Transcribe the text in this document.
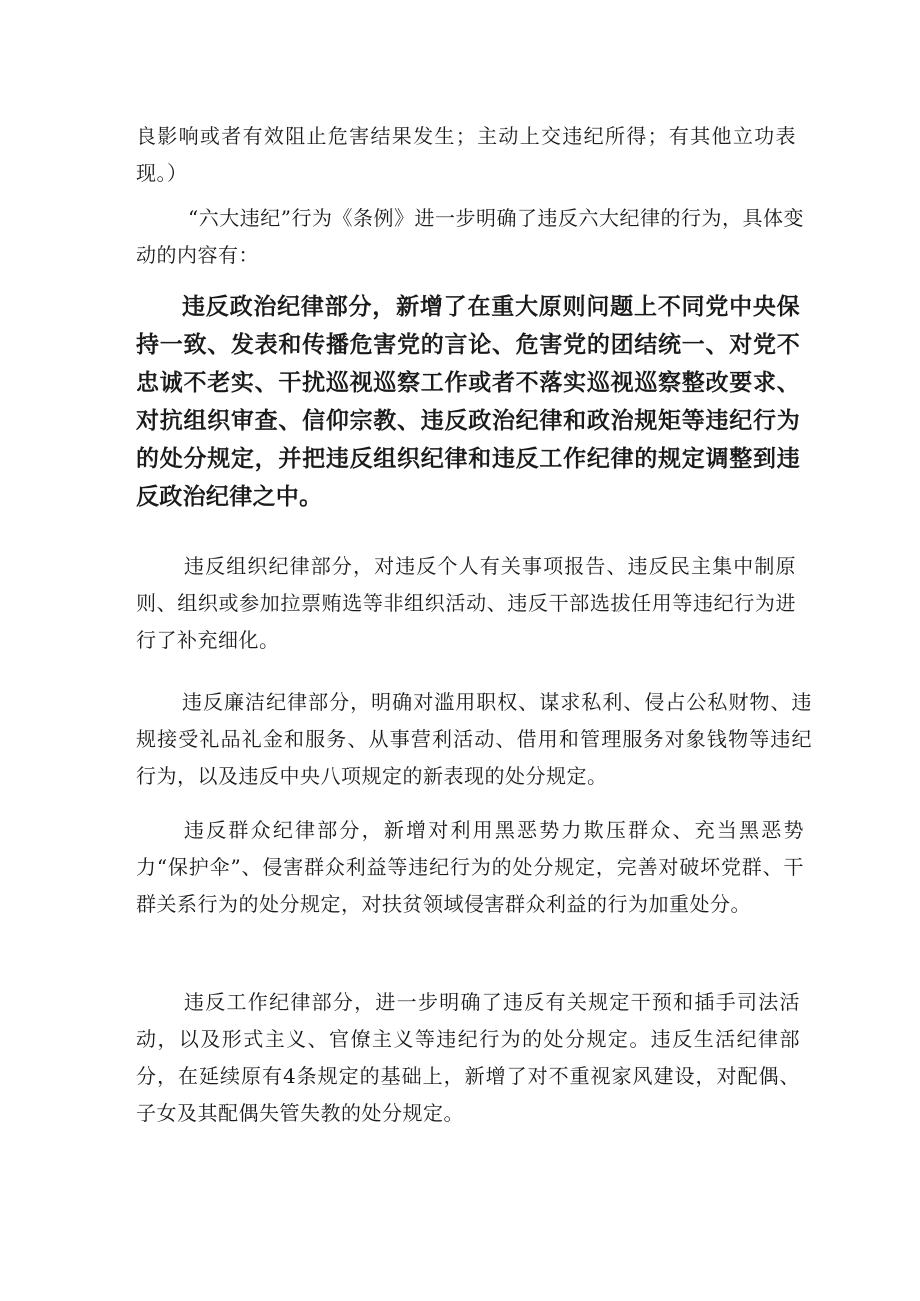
良影响或者有效阻止危害结果发生；主动上交违纪所得；有其他立功表现。）

“六大违纪”行为《条例》进一步明确了违反六大纪律的行为，具体变动的内容有：

违反政治纪律部分，新增了在重大原则问题上不同党中央保持一致、发表和传播危害党的言论、危害党的团结统一、对党不忠诚不老实、干扰巡视巡察工作或者不落实巡视巡察整改要求、对抗组织审查、信仰宗教、违反政治纪律和政治规矩等违纪行为的处分规定，并把违反组织纪律和违反工作纪律的规定调整到违反政治纪律之中。

违反组织纪律部分，对违反个人有关事项报告、违反民主集中制原则、组织或参加拉票贿选等非组织活动、违反干部选拔任用等违纪行为进行了补充细化。

违反廉洁纪律部分，明确对滥用职权、谋求私利、侵占公私财物、违规接受礼品礼金和服务、从事营利活动、借用和管理服务对象钱物等违纪行为，以及违反中央八项规定的新表现的处分规定。

违反群众纪律部分，新增对利用黑恶势力欺压群众、充当黑恶势力“保护伞”、侵害群众利益等违纪行为的处分规定，完善对破坏党群、干群关系行为的处分规定，对扶贫领域侵害群众利益的行为加重处分。

违反工作纪律部分，进一步明确了违反有关规定干预和插手司法活动，以及形式主义、官僚主义等违纪行为的处分规定。违反生活纪律部分，在延续原有4条规定的基础上，新增了对不重视家风建设，对配偶、子女及其配偶失管失教的处分规定。
